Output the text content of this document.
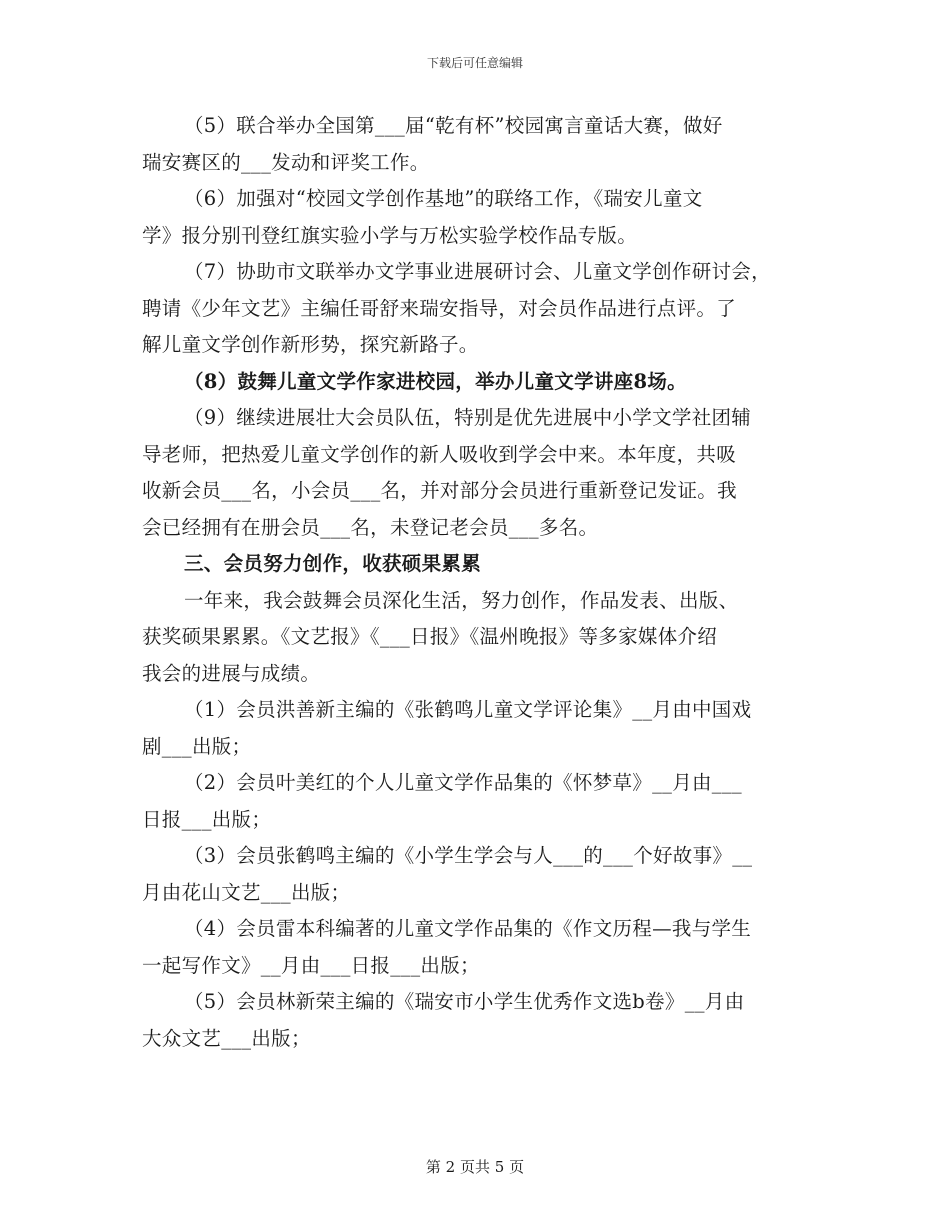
下载后可任意编辑
（5）联合举办全国第___届“乾有杯”校园寓言童话大赛，做好
瑞安赛区的___发动和评奖工作。
（6）加强对“校园文学创作基地”的联络工作，《瑞安儿童文
学》报分别刊登红旗实验小学与万松实验学校作品专版。
（7）协助市文联举办文学事业进展研讨会、儿童文学创作研讨会，
聘请《少年文艺》主编任哥舒来瑞安指导，对会员作品进行点评。了
解儿童文学创作新形势，探究新路子。
（8）鼓舞儿童文学作家进校园，举办儿童文学讲座8场。
（9）继续进展壮大会员队伍，特别是优先进展中小学文学社团辅
导老师，把热爱儿童文学创作的新人吸收到学会中来。本年度，共吸
收新会员___名，小会员___名，并对部分会员进行重新登记发证。我
会已经拥有在册会员___名，未登记老会员___多名。
三、会员努力创作，收获硕果累累
一年来，我会鼓舞会员深化生活，努力创作，作品发表、出版、
获奖硕果累累。《文艺报》《___日报》《温州晚报》等多家媒体介绍
我会的进展与成绩。
（1）会员洪善新主编的《张鹤鸣儿童文学评论集》__月由中国戏
剧___出版；
（2）会员叶美红的个人儿童文学作品集的《怀梦草》__月由___
日报___出版；
（3）会员张鹤鸣主编的《小学生学会与人___的___个好故事》__
月由花山文艺___出版；
（4）会员雷本科编著的儿童文学作品集的《作文历程—我与学生
一起写作文》__月由___日报___出版；
（5）会员林新荣主编的《瑞安市小学生优秀作文选b卷》__月由
大众文艺___出版；
第 2 页共 5 页
